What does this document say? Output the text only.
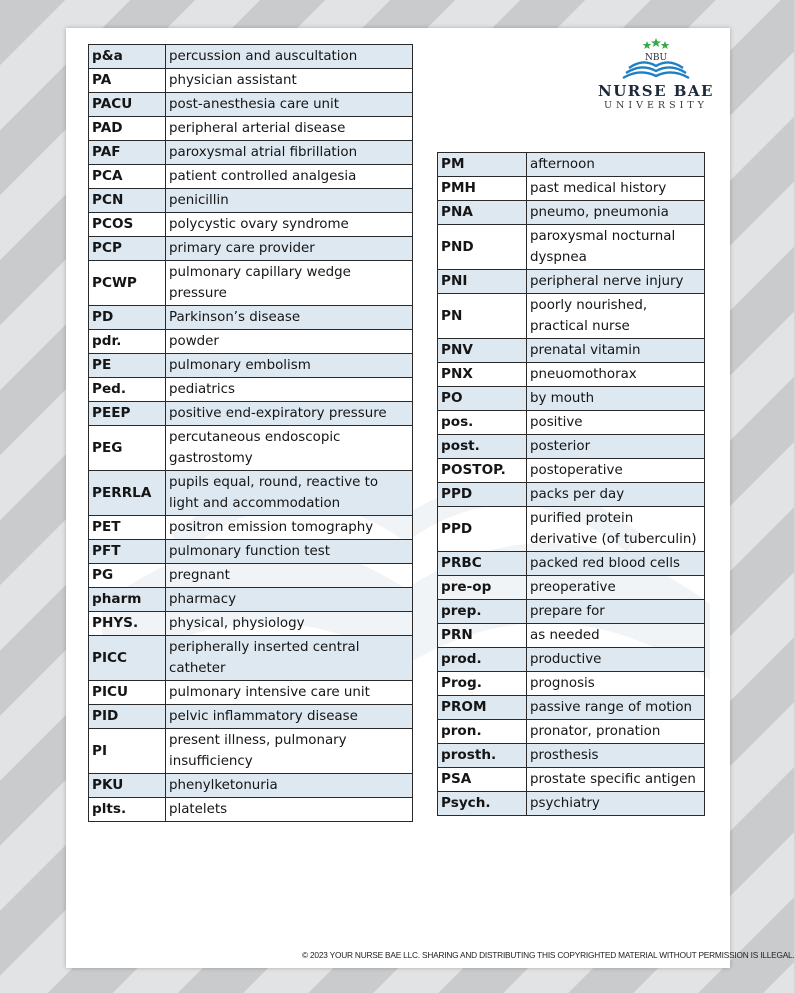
p&a	percussion and auscultation
PA	physician assistant
PACU	post-anesthesia care unit
PAD	peripheral arterial disease
PAF	paroxysmal atrial fibrillation
PCA	patient controlled analgesia
PCN	penicillin
PCOS	polycystic ovary syndrome
PCP	primary care provider
PCWP	pulmonary capillary wedge pressure
PD	Parkinson’s disease
pdr.	powder
PE	pulmonary embolism
Ped.	pediatrics
PEEP	positive end-expiratory pressure
PEG	percutaneous endoscopic gastrostomy
PERRLA	pupils equal, round, reactive to light and accommodation
PET	positron emission tomography
PFT	pulmonary function test
PG	pregnant
pharm	pharmacy
PHYS.	physical, physiology
PICC	peripherally inserted central catheter
PICU	pulmonary intensive care unit
PID	pelvic inflammatory disease
PI	present illness, pulmonary insufficiency
PKU	phenylketonuria
plts.	platelets
PM	afternoon
PMH	past medical history
PNA	pneumo, pneumonia
PND	paroxysmal nocturnal dyspnea
PNI	peripheral nerve injury
PN	poorly nourished, practical nurse
PNV	prenatal vitamin
PNX	pneuomothorax
PO	by mouth
pos.	positive
post.	posterior
POSTOP.	postoperative
PPD	packs per day
PPD	purified protein derivative (of tuberculin)
PRBC	packed red blood cells
pre-op	preoperative
prep.	prepare for
PRN	as needed
prod.	productive
Prog.	prognosis
PROM	passive range of motion
pron.	pronator, pronation
prosth.	prosthesis
PSA	prostate specific antigen
Psych.	psychiatry
NBU
NURSE BAE
UNIVERSITY
© 2023 YOUR NURSE BAE LLC. SHARING AND DISTRIBUTING THIS COPYRIGHTED MATERIAL WITHOUT PERMISSION IS ILLEGAL.
